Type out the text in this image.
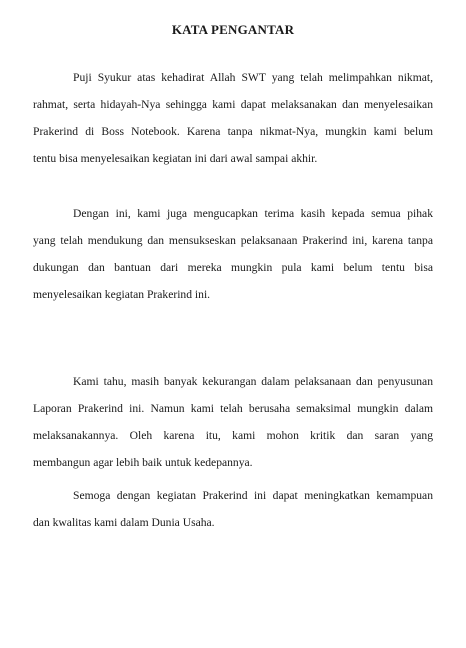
KATA PENGANTAR

Puji Syukur atas kehadirat Allah SWT yang telah melimpahkan nikmat,
rahmat, serta hidayah-Nya sehingga kami dapat melaksanakan dan menyelesaikan
Prakerind di Boss Notebook. Karena tanpa nikmat-Nya, mungkin kami belum
tentu bisa menyelesaikan kegiatan ini dari awal sampai akhir.

Dengan ini, kami juga mengucapkan terima kasih kepada semua pihak
yang telah mendukung dan mensukseskan pelaksanaan Prakerind ini, karena tanpa
dukungan dan bantuan dari mereka mungkin pula kami belum tentu bisa
menyelesaikan kegiatan Prakerind ini.

Kami tahu, masih banyak kekurangan dalam pelaksanaan dan penyusunan
Laporan Prakerind ini. Namun kami telah berusaha semaksimal mungkin dalam
melaksanakannya. Oleh karena itu, kami mohon kritik dan saran yang
membangun agar lebih baik untuk kedepannya.

Semoga dengan kegiatan Prakerind ini dapat meningkatkan kemampuan
dan kwalitas kami dalam Dunia Usaha.
